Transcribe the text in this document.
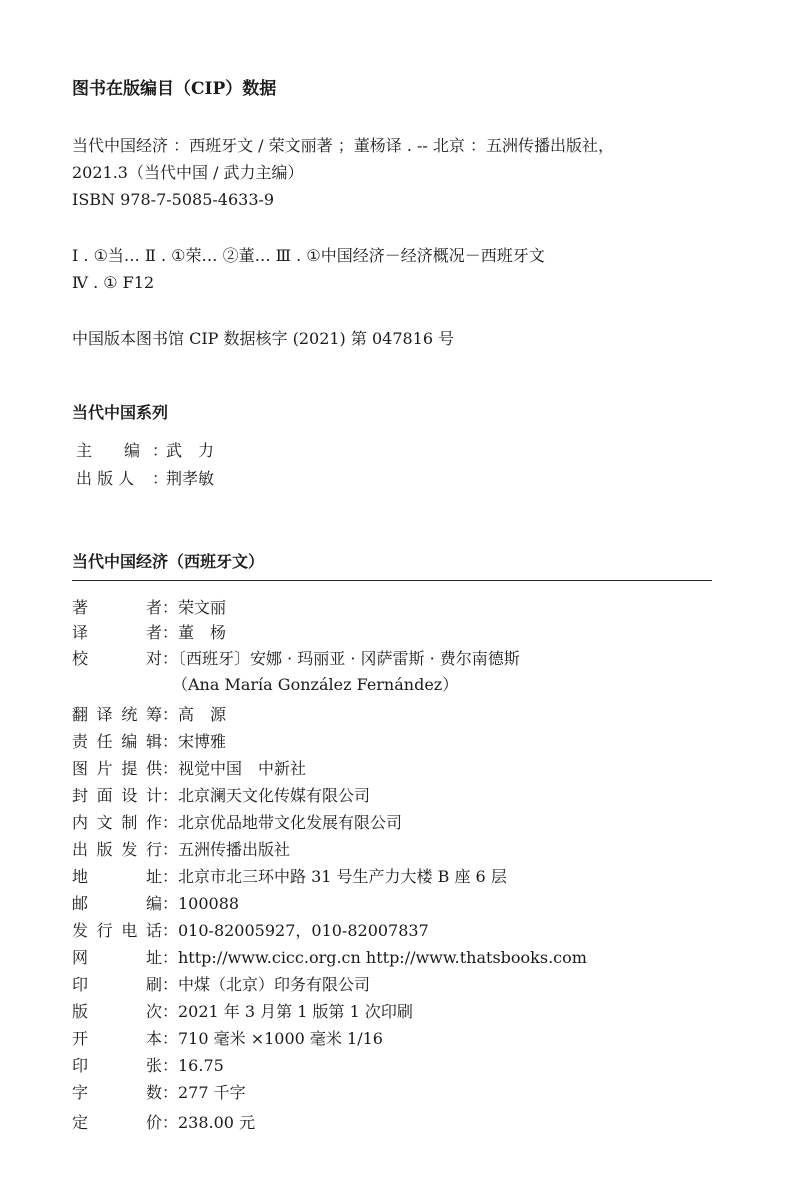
图书在版编目（CIP）数据
当代中国经济 ：西班牙文 / 荣文丽著 ；董杨译 . -- 北京 ：五洲传播出版社，
2021.3（当代中国 / 武力主编）
ISBN 978-7-5085-4633-9
Ⅰ . ①当… Ⅱ . ①荣… ②董… Ⅲ . ①中国经济－经济概况－西班牙文
Ⅳ . ① F12
中国版本图书馆 CIP 数据核字 (2021) 第 047816 号
当代中国系列
主　　编 ：武　力
出 版 人 ：荆孝敏
当代中国经济（西班牙文）
著　　者：荣文丽
译　　者：董　杨
校　　对：〔西班牙〕安娜 · 玛丽亚 · 冈萨雷斯 · 费尔南德斯
（Ana María González Fernández）
翻译统筹：高　源
责任编辑：宋博雅
图片提供：视觉中国　中新社
封面设计：北京澜天文化传媒有限公司
内文制作：北京优品地带文化发展有限公司
出版发行：五洲传播出版社
地　　址：北京市北三环中路 31 号生产力大楼 B 座 6 层
邮　　编：100088
发行电话：010-82005927，010-82007837
网　　址：http://www.cicc.org.cn http://www.thatsbooks.com
印　　刷：中煤（北京）印务有限公司
版　　次：2021 年 3 月第 1 版第 1 次印刷
开　　本：710 毫米 ×1000 毫米 1/16
印　　张：16.75
字　　数：277 千字
定　　价：238.00 元
